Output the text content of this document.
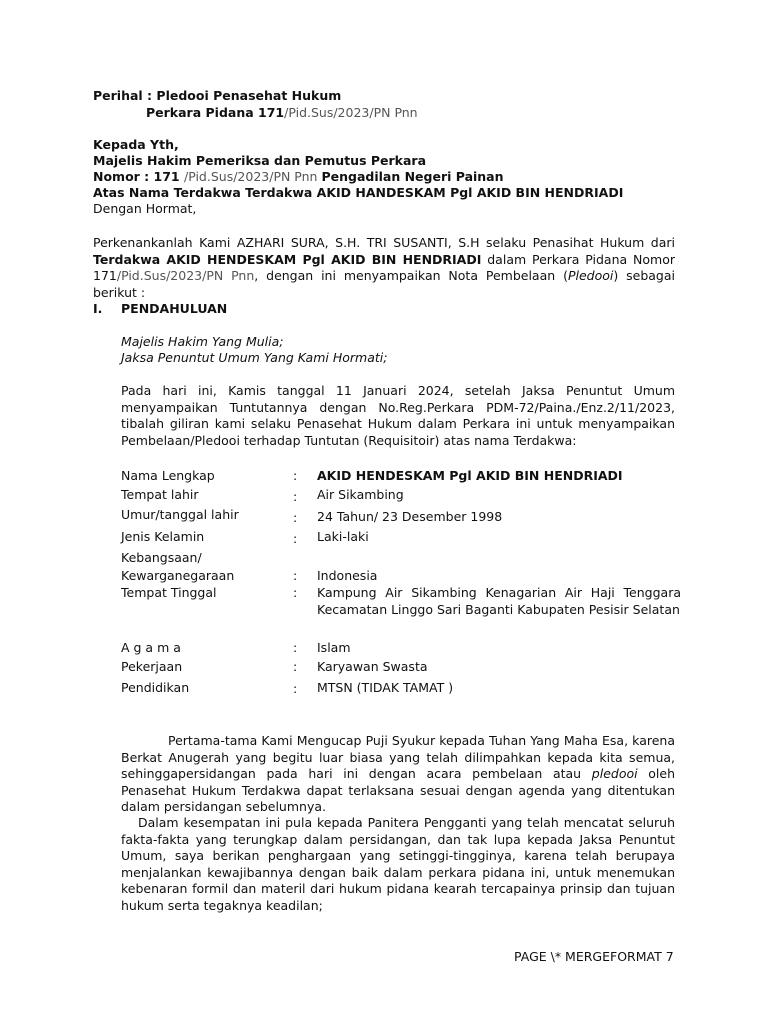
Perihal : Pledooi Penasehat Hukum

Perkara Pidana 171/Pid.Sus/2023/PN Pnn

Kepada Yth,

Majelis Hakim Pemeriksa dan Pemutus Perkara

Nomor : 171 /Pid.Sus/2023/PN Pnn Pengadilan Negeri Painan

Atas Nama Terdakwa Terdakwa AKID HANDESKAM Pgl AKID BIN HENDRIADI

Dengan Hormat,

Perkenankanlah Kami AZHARI SURA, S.H. TRI SUSANTI, S.H selaku Penasihat Hukum dari Terdakwa AKID HENDESKAM Pgl AKID BIN HENDRIADI dalam Perkara Pidana Nomor 171/Pid.Sus/2023/PN Pnn, dengan ini menyampaikan Nota Pembelaan (Pledooi) sebagai berikut :

I.	PENDAHULUAN

Majelis Hakim Yang Mulia;

Jaksa Penuntut Umum Yang Kami Hormati;

Pada hari ini, Kamis tanggal 11 Januari 2024, setelah Jaksa Penuntut Umum menyampaikan Tuntutannya dengan No.Reg.Perkara PDM-72/Paina./Enz.2/11/2023, tibalah giliran kami selaku Penasehat Hukum dalam Perkara ini untuk menyampaikan Pembelaan/Pledooi terhadap Tuntutan (Requisitoir) atas nama Terdakwa:

Nama Lengkap	: AKID HENDESKAM Pgl AKID BIN HENDRIADI
Tempat lahir	: Air Sikambing
Umur/tanggal lahir	: 24 Tahun/ 23 Desember 1998
Jenis Kelamin	: Laki-laki
Kebangsaan/
Kewarganegaraan	: Indonesia
Tempat Tinggal	: Kampung Air Sikambing Kenagarian Air Haji Tenggara Kecamatan Linggo Sari Baganti Kabupaten Pesisir Selatan
A g a m a	: Islam
Pekerjaan	: Karyawan Swasta
Pendidikan	: MTSN (TIDAK TAMAT )

Pertama-tama Kami Mengucap Puji Syukur kepada Tuhan Yang Maha Esa, karena Berkat Anugerah yang begitu luar biasa yang telah dilimpahkan kepada kita semua, sehinggapersidangan pada hari ini dengan acara pembelaan atau pledooi oleh Penasehat Hukum Terdakwa dapat terlaksana sesuai dengan agenda yang ditentukan dalam persidangan sebelumnya.

Dalam kesempatan ini pula kepada Panitera Pengganti yang telah mencatat seluruh fakta-fakta yang terungkap dalam persidangan, dan tak lupa kepada Jaksa Penuntut Umum, saya berikan penghargaan yang setinggi-tingginya, karena telah berupaya menjalankan kewajibannya dengan baik dalam perkara pidana ini, untuk menemukan kebenaran formil dan materil dari hukum pidana kearah tercapainya prinsip dan tujuan hukum serta tegaknya keadilan;

PAGE \* MERGEFORMAT 7
